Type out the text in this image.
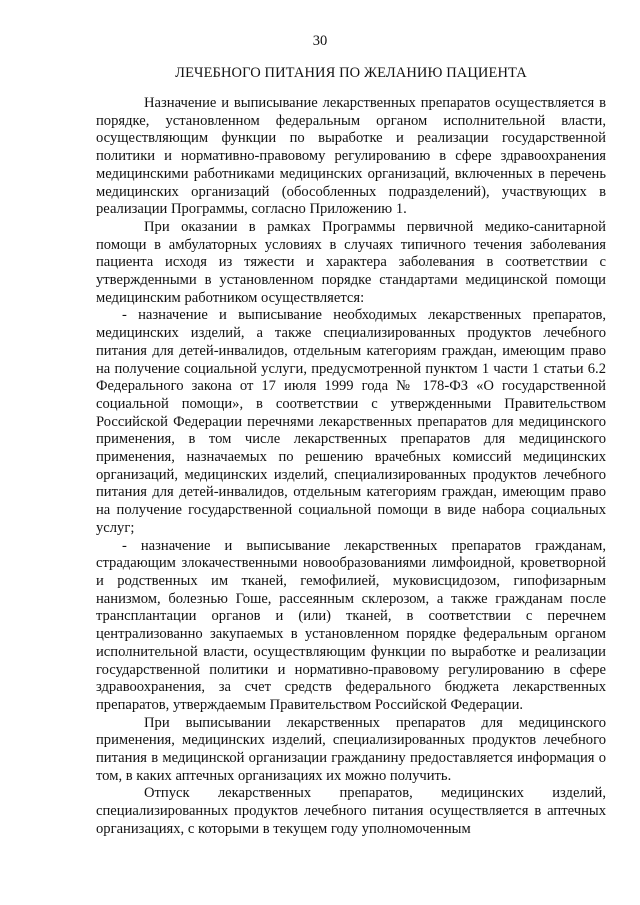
30
ЛЕЧЕБНОГО ПИТАНИЯ ПО ЖЕЛАНИЮ ПАЦИЕНТА

Назначение и выписывание лекарственных препаратов осуществляется в порядке, установленном федеральным органом исполнительной власти, осуществляющим функции по выработке и реализации государственной политики и нормативно-правовому регулированию в сфере здравоохранения медицинскими работниками медицинских организаций, включенных в перечень медицинских организаций (обособленных подразделений), участвующих в реализации Программы, согласно Приложению 1.

При оказании в рамках Программы первичной медико-санитарной помощи в амбулаторных условиях в случаях типичного течения заболевания пациента исходя из тяжести и характера заболевания в соответствии с утвержденными в установленном порядке стандартами медицинской помощи медицинским работником осуществляется:

- назначение и выписывание необходимых лекарственных препаратов, медицинских изделий, а также специализированных продуктов лечебного питания для детей-инвалидов, отдельным категориям граждан, имеющим право на получение социальной услуги, предусмотренной пунктом 1 части 1 статьи 6.2 Федерального закона от 17 июля 1999 года № 178-ФЗ «О государственной социальной помощи», в соответствии с утвержденными Правительством Российской Федерации перечнями лекарственных препаратов для медицинского применения, в том числе лекарственных препаратов для медицинского применения, назначаемых по решению врачебных комиссий медицинских организаций, медицинских изделий, специализированных продуктов лечебного питания для детей-инвалидов, отдельным категориям граждан, имеющим право на получение государственной социальной помощи в виде набора социальных услуг;

- назначение и выписывание лекарственных препаратов гражданам, страдающим злокачественными новообразованиями лимфоидной, кроветворной и родственных им тканей, гемофилией, муковисцидозом, гипофизарным нанизмом, болезнью Гоше, рассеянным склерозом, а также гражданам после трансплантации органов и (или) тканей, в соответствии с перечнем централизованно закупаемых в установленном порядке федеральным органом исполнительной власти, осуществляющим функции по выработке и реализации государственной политики и нормативно-правовому регулированию в сфере здравоохранения, за счет средств федерального бюджета лекарственных препаратов, утверждаемым Правительством Российской Федерации.

При выписывании лекарственных препаратов для медицинского применения, медицинских изделий, специализированных продуктов лечебного питания в медицинской организации гражданину предоставляется информация о том, в каких аптечных организациях их можно получить.

Отпуск лекарственных препаратов, медицинских изделий, специализированных продуктов лечебного питания осуществляется в аптечных организациях, с которыми в текущем году уполномоченным
